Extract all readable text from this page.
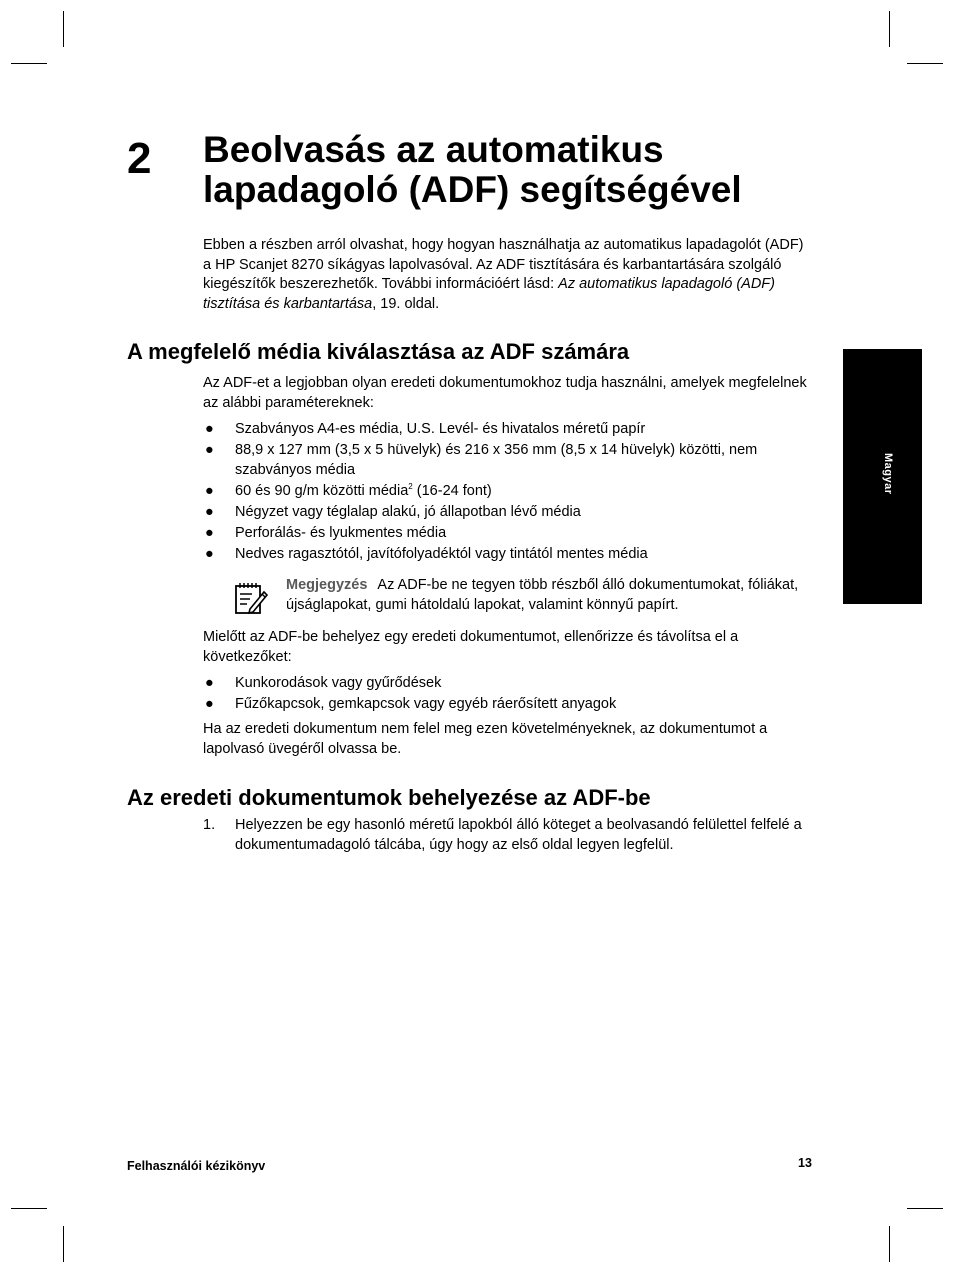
2 Beolvasás az automatikus
lapadagoló (ADF) segítségével

Ebben a részben arról olvashat, hogy hogyan használhatja az automatikus lapadagolót (ADF) a HP Scanjet 8270 síkágyas lapolvasóval. Az ADF tisztítására és karbantartására szolgáló kiegészítők beszerezhetők. További információért lásd: Az automatikus lapadagoló (ADF) tisztítása és karbantartása, 19. oldal.

A megfelelő média kiválasztása az ADF számára

Az ADF-et a legjobban olyan eredeti dokumentumokhoz tudja használni, amelyek megfelelnek az alábbi paramétereknek:

● Szabványos A4-es média, U.S. Levél- és hivatalos méretű papír
● 88,9 x 127 mm (3,5 x 5 hüvelyk) és 216 x 356 mm (8,5 x 14 hüvelyk) közötti, nem szabványos média
● 60 és 90 g/m közötti média$^2$ (16-24 font)
● Négyzet vagy téglalap alakú, jó állapotban lévő média
● Perforálás- és lyukmentes média
● Nedves ragasztótól, javítófolyadéktól vagy tintától mentes média

Megjegyzés Az ADF-be ne tegyen több részből álló dokumentumokat, fóliákat, újságlapokat, gumi hátoldalú lapokat, valamint könnyű papírt.

Mielőtt az ADF-be behelyez egy eredeti dokumentumot, ellenőrizze és távolítsa el a következőket:

● Kunkorodások vagy gyűrődések
● Fűzőkapcsok, gemkapcsok vagy egyéb ráerősített anyagok

Ha az eredeti dokumentum nem felel meg ezen követelményeknek, az dokumentumot a lapolvasó üvegéről olvassa be.

Az eredeti dokumentumok behelyezése az ADF-be
1. Helyezzen be egy hasonló méretű lapokból álló köteget a beolvasandó felülettel felfelé a dokumentumadagoló tálcába, úgy hogy az első oldal legyen legfelül.
Magyar
Felhasználói kézikönyv	13
